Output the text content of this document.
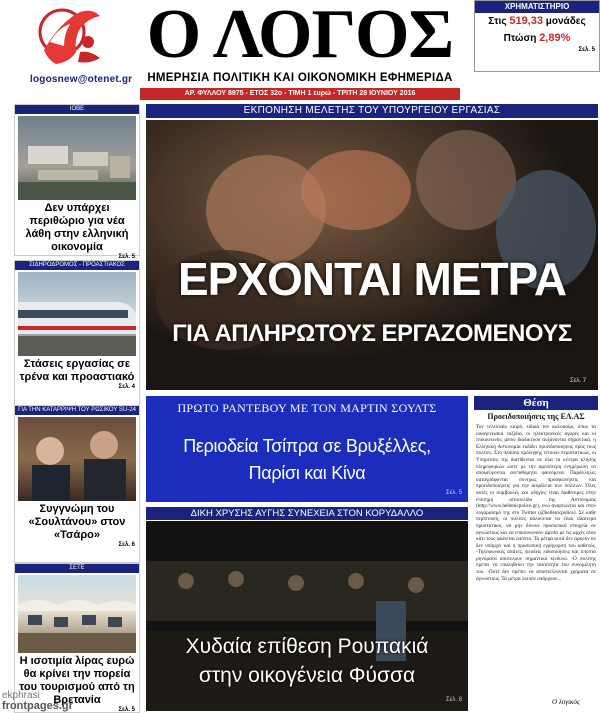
logosnew@otenet.gr
Ο ΛΟΓΟΣ
ΗΜΕΡΗΣΙΑ ΠΟΛΙΤΙΚΗ ΚΑΙ ΟΙΚΟΝΟΜΙΚΗ ΕΦΗΜΕΡΙΔΑ
ΑΡ. ΦΥΛΛΟΥ 8975 - ΕΤΟΣ 32ο - ΤΙΜΗ 1 ευρώ - ΤΡΙΤΗ 28 ΙΟΥΝΙΟΥ 2016
ΧΡΗΜΑΤΙΣΤΗΡΙΟ
Στις 519,33 μονάδες
Πτώση 2,89%
Σελ. 5
ΙΟΒΕ
Δεν υπάρχει περιθώριο για νέα λάθη στην ελληνική οικονομία
Σελ. 5
ΣΙΔΗΡΟΔΡΟΜΟΣ - ΠΡΟΑΣΤΙΑΚΟΣ
Στάσεις εργασίας σε τρένα και προαστιακό
Σελ. 4
ΓΙΑ ΤΗΝ ΚΑΤΑΡΡΙΨΗ ΤΟΥ ΡΩΣΙΚΟΥ SU-24
Συγγνώμη του «Σουλτάνου» στον «Τσάρο»
Σελ. 6
ΣΕΤΕ
Η ισοτιμία λίρας ευρώ θα κρίνει την πορεία του τουρισμού από τη Βρετανία
Σελ. 5
ΕΚΠΟΝΗΣΗ ΜΕΛΕΤΗΣ ΤΟΥ ΥΠΟΥΡΓΕΙΟΥ ΕΡΓΑΣΙΑΣ
ΕΡΧΟΝΤΑΙ ΜΕΤΡΑ
ΓΙΑ ΑΠΛΗΡΩΤΟΥΣ ΕΡΓΑΖΟΜΕΝΟΥΣ
Σελ. 7
ΠΡΩΤΟ ΡΑΝΤΕΒΟΥ ΜΕ ΤΟΝ ΜΑΡΤΙΝ ΣΟΥΛΤΣ
Περιοδεία Τσίπρα σε Βρυξέλλες,
Παρίσι και Κίνα
Σελ. 5
ΔΙΚΗ ΧΡΥΣΗΣ ΑΥΓΗΣ ΣΥΝΕΧΕΙΑ ΣΤΟΝ ΚΟΡΥΔΑΛΛΟ
Χυδαία επίθεση Ρουπακιά
στην οικογένεια Φύσσα
Σελ. 8
Θέση
Προειδοποιήσεις της ΕΛ.ΑΣ
Τον τελευταίο καιρό, ειδικά τον καλοκαίρι, όπου τα οικογενειακά ταξίδια, οι ηλεκτρονικές αγορές και οι επικοινωνίες μέσω διαδικτύου αυξάνονται σημαντικά, η Ελληνική Αστυνομία εκδίδει προειδοποιήσεις προς τους πολίτες. Στο πλαίσιο πρόληψης τέτοιων περιστατικών, οι Υπηρεσίες της διατίθενται σε όλα τα κέντρα κλήσης πληροφοριών ώστε με την αμεσότερη ενημέρωση να αποφεύγονται ανεπιθύμητα φαινόμενα. Παράλληλα, καταγράφονται συνεχώς προσφωνήσεις και προειδοποιήσεις για την ασφάλεια των πολιτών. Όλες αυτές οι συμβουλές και οδηγίες είναι διαθέσιμες στην επίσημη ιστοσελίδα της Αστυνομίας (http://www.hellenicpolice.gr), ενώ αναρτώνται και στον λογαριασμό της στο Twitter (@hellenicpolice). Σε κάθε περίπτωση, οι πολίτες καλούνται να είναι ιδιαίτερα προσεκτικοί, να μην δίνουν προσωπικά στοιχεία σε αγνώστους και να επικοινωνούν άμεσα με τις αρχές όταν κάτι τους φαίνεται ύποπτο. Τα μέτρα αυτά δεν αρκούν αν δεν υπάρχει και η προσωπική εγρήγορση του καθενός. -Τηλεφωνικές απάτες, ψευδείς ειδοποιήσεις και ύποπτα μηνύματα αποτελούν σημαντικό κίνδυνο. -Ο πολίτης πρέπει να επαληθεύει την ταυτότητα του συνομιλητή του. -Ποτέ δεν πρέπει να αποστέλλονται χρήματα σε άγνωστους. Τα μέτρα λοιπόν υπάρχουν...
Ο λογικός
ekphrasi
frontpages.gr
